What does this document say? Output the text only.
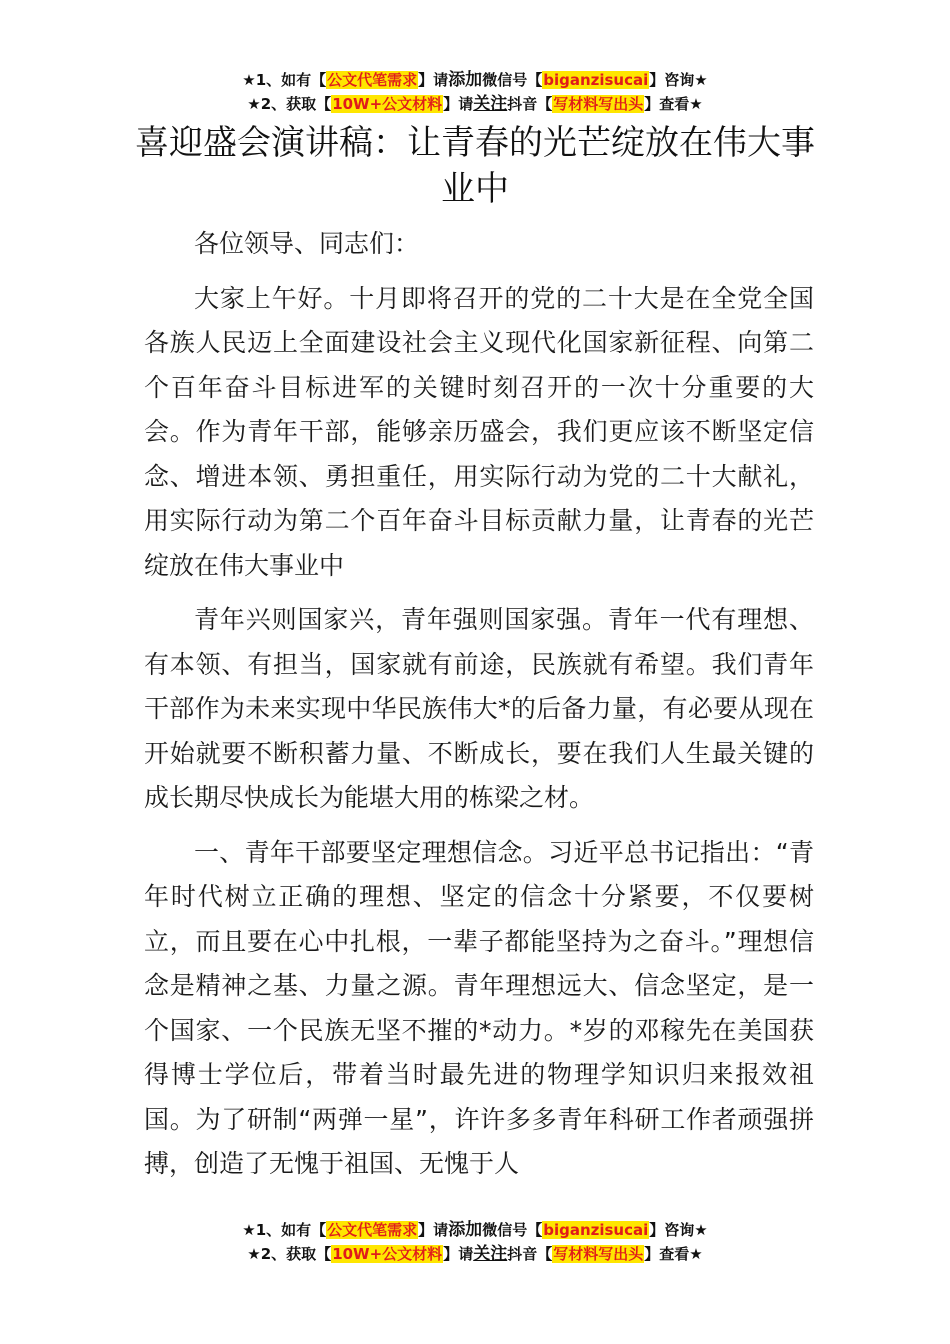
★1、如有【公文代笔需求】请添加微信号【biganzisucai】咨询★
★2、获取【10W+公文材料】请关注抖音【写材料写出头】查看★
喜迎盛会演讲稿：让青春的光芒绽放在伟大事业中

各位领导、同志们：

大家上午好。十月即将召开的党的二十大是在全党全国各族人民迈上全面建设社会主义现代化国家新征程、向第二个百年奋斗目标进军的关键时刻召开的一次十分重要的大会。作为青年干部，能够亲历盛会，我们更应该不断坚定信念、增进本领、勇担重任，用实际行动为党的二十大献礼，用实际行动为第二个百年奋斗目标贡献力量，让青春的光芒绽放在伟大事业中

青年兴则国家兴，青年强则国家强。青年一代有理想、有本领、有担当，国家就有前途，民族就有希望。我们青年干部作为未来实现中华民族伟大*的后备力量，有必要从现在开始就要不断积蓄力量、不断成长，要在我们人生最关键的成长期尽快成长为能堪大用的栋梁之材。

一、青年干部要坚定理想信念。习近平总书记指出：“青年时代树立正确的理想、坚定的信念十分紧要，不仅要树立，而且要在心中扎根，一辈子都能坚持为之奋斗。”理想信念是精神之基、力量之源。青年理想远大、信念坚定，是一个国家、一个民族无坚不摧的*动力。*岁的邓稼先在美国获得博士学位后，带着当时最先进的物理学知识归来报效祖国。为了研制“两弹一星”，许许多多青年科研工作者顽强拼搏，创造了无愧于祖国、无愧于人

★1、如有【公文代笔需求】请添加微信号【biganzisucai】咨询★
★2、获取【10W+公文材料】请关注抖音【写材料写出头】查看★
